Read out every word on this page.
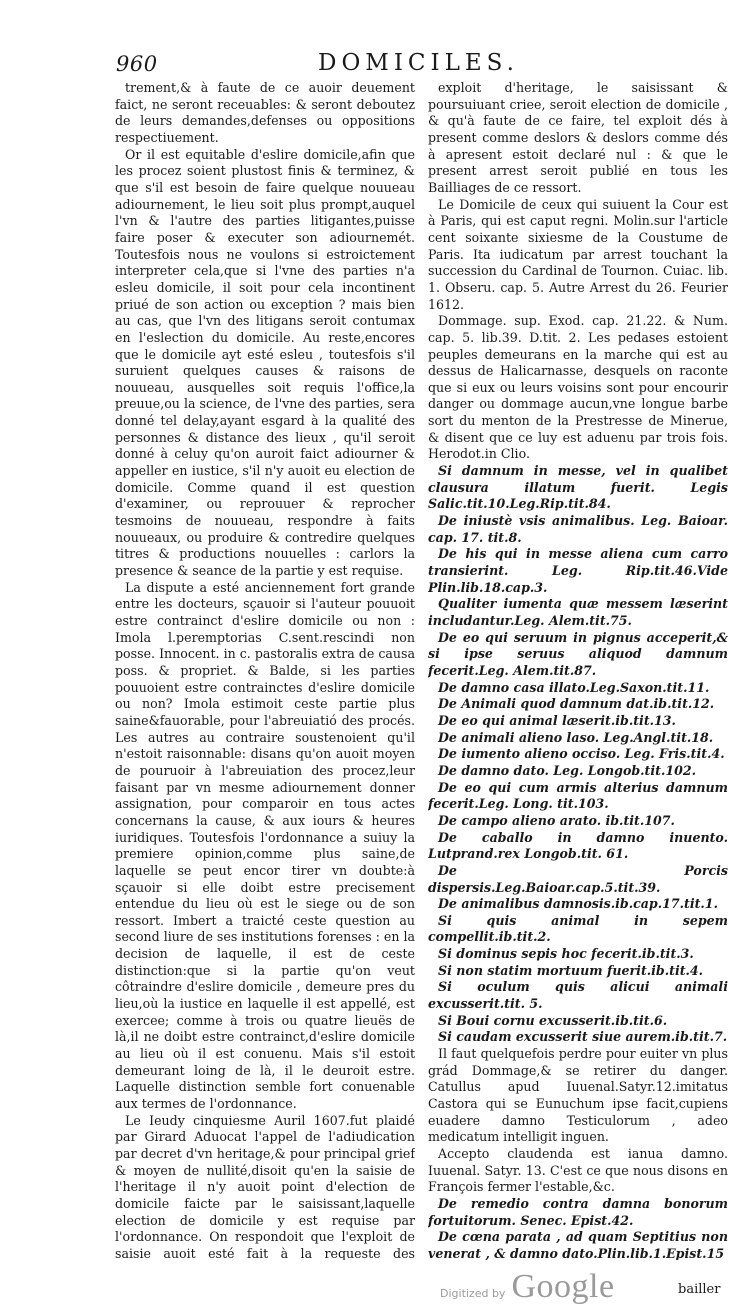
960	DOMICILES.

trement,& à faute de ce auoir deuement faict, ne seront receuables: & seront deboutez de leurs demandes,defenses ou oppositions respectiuement.

Or il est equitable d'eslire domicile,afin que les procez soient plustost finis & terminez, & que s'il est besoin de faire quelque nouueau adiournement, le lieu soit plus prompt,auquel l'vn & l'autre des parties litigantes,puisse faire poser & executer son adiournemét. Toutesfois nous ne voulons si estroictement interpreter cela,que si l'vne des parties n'a esleu domicile, il soit pour cela incontinent priué de son action ou exception ? mais bien au cas, que l'vn des litigans seroit contumax en l'eslection du domicile. Au reste,encores que le domicile ayt esté esleu , toutesfois s'il suruient quelques causes & raisons de nouueau, ausquelles soit requis l'office,la preuue,ou la science, de l'vne des parties, sera donné tel delay,ayant esgard à la qualité des personnes & distance des lieux , qu'il seroit donné à celuy qu'on auroit faict adiourner & appeller en iustice, s'il n'y auoit eu election de domicile. Comme quand il est question d'examiner, ou reprouuer & reprocher tesmoins de nouueau, respondre à faits nouueaux, ou produire & contredire quelques titres & productions nouuelles : carlors la presence & seance de la partie y est requise.

La dispute a esté anciennement fort grande entre les docteurs, sçauoir si l'auteur pouuoit estre contrainct d'eslire domicile ou non : Imola l.peremptorias C.sent.rescindi non posse. Innocent. in c. pastoralis extra de causa poss. & propriet. & Balde, si les parties pouuoient estre contrainctes d'eslire domicile ou non? Imola estimoit ceste partie plus saine&fauorable, pour l'abreuiatió des procés. Les autres au contraire soustenoient qu'il n'estoit raisonnable: disans qu'on auoit moyen de pouruoir à l'abreuiation des procez,leur faisant par vn mesme adiournement donner assignation, pour comparoir en tous actes concernans la cause, & aux iours & heures iuridiques. Toutesfois l'ordonnance a suiuy la premiere opinion,comme plus saine,de laquelle se peut encor tirer vn doubte:à sçauoir si elle doibt estre precisement entendue du lieu où est le siege ou de son ressort. Imbert a traicté ceste question au second liure de ses institutions forenses : en la decision de laquelle, il est de ceste distinction:que si la partie qu'on veut côtraindre d'eslire domicile , demeure pres du lieu,où la iustice en laquelle il est appellé, est exercee; comme à trois ou quatre lieuës de là,il ne doibt estre contrainct,d'eslire domicile au lieu où il est conuenu. Mais s'il estoit demeurant loing de là, il le deuroit estre. Laquelle distinction semble fort conuenable aux termes de l'ordonnance.

Le Ieudy cinquiesme Auril 1607.fut plaidé par Girard Aduocat l'appel de l'adiudication par decret d'vn heritage,& pour principal grief & moyen de nullité,disoit qu'en la saisie de l'heritage il n'y auoit point d'election de domicile faicte par le saisissant,laquelle election de domicile y est requise par l'ordonnance. On respondoit que l'exploit de saisie auoit esté fait à la requeste des

exploit d'heritage, le saisissant & poursuiuant criee, seroit election de domicile , & qu'à faute de ce faire, tel exploit dés à present comme deslors & deslors comme dés à apresent estoit declaré nul : & que le present arrest seroit publié en tous les Bailliages de ce ressort.

Le Domicile de ceux qui suiuent la Cour est à Paris, qui est caput regni. Molin.sur l'article cent soixante sixiesme de la Coustume de Paris. Ita iudicatum par arrest touchant la succession du Cardinal de Tournon. Cuiac. lib. 1. Obseru. cap. 5. Autre Arrest du 26. Feurier 1612.

Dommage. sup. Exod. cap. 21.22. & Num. cap. 5. lib.39. D.tit. 2. Les pedases estoient peuples demeurans en la marche qui est au dessus de Halicarnasse, desquels on raconte que si eux ou leurs voisins sont pour encourir danger ou dommage aucun,vne longue barbe sort du menton de la Prestresse de Minerue, & disent que ce luy est aduenu par trois fois. Herodot.in Clio.

Si damnum in messe, vel in qualibet clausura illatum fuerit. Legis Salic.tit.10.Leg.Rip.tit.84.

De iniustè vsis animalibus. Leg. Baioar. cap. 17. tit.8.

De his qui in messe aliena cum carro transierint. Leg. Rip.tit.46.Vide Plin.lib.18.cap.3.

Qualiter iumenta quæ messem læserint includantur.Leg. Alem.tit.75.

De eo qui seruum in pignus acceperit,& si ipse seruus aliquod damnum fecerit.Leg. Alem.tit.87.

De damno casa illato.Leg.Saxon.tit.11.

De Animali quod damnum dat.ib.tit.12.

De eo qui animal læserit.ib.tit.13.

De animali alieno laso. Leg.Angl.tit.18.

De iumento alieno occiso. Leg. Fris.tit.4.

De damno dato. Leg. Longob.tit.102.

De eo qui cum armis alterius damnum fecerit.Leg. Long. tit.103.

De campo alieno arato. ib.tit.107.

De caballo in damno inuento. Lutprand.rex Longob.tit. 61.

De Porcis dispersis.Leg.Baioar.cap.5.tit.39.

De animalibus damnosis.ib.cap.17.tit.1.

Si quis animal in sepem compellit.ib.tit.2.

Si dominus sepis hoc fecerit.ib.tit.3.

Si non statim mortuum fuerit.ib.tit.4.

Si oculum quis alicui animali excusserit.tit. 5.

Si Boui cornu excusserit.ib.tit.6.

Si caudam excusserit siue aurem.ib.tit.7.

Il faut quelquefois perdre pour euiter vn plus grád Dommage,& se retirer du danger. Catullus apud Iuuenal.Satyr.12.imitatus Castora qui se Eunuchum ipse facit,cupiens euadere damno Testiculorum , adeo medicatum intelligit inguen.

Accepto claudenda est ianua damno. Iuuenal. Satyr. 13. C'est ce que nous disons en François fermer l'estable,&c.

De remedio contra damna bonorum fortuitorum. Senec. Epist.42.

De cœna parata , ad quam Septitius non venerat , & damno dato.Plin.lib.1.Epist.15

bailler
Digitized by Google
